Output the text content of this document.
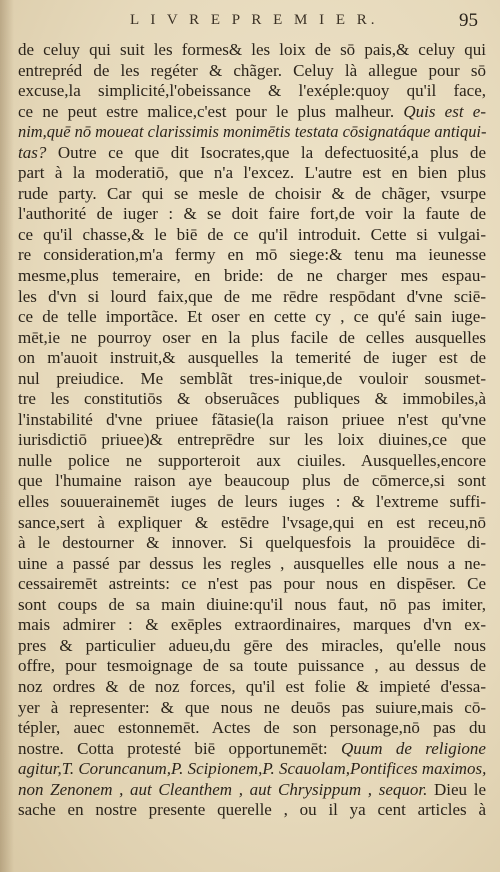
L I V R E P R E M I E R.	95
de celuy qui suit les formes& les loix de sō pais,& celuy qui
entrepréd de les regéter & chãger. Celuy là allegue pour sō
excuse,la simplicité,l'obeissance & l'exéple:quoy qu'il face,
ce ne peut estre malice,c'est pour le plus malheur. Quis est e-
nim,quē nō moueat clarissimis monimētis testata cōsignatáque antiqui-
tas? Outre ce que dit Isocrates,que la defectuosité,a plus de
part à la moderatiō, que n'a l'excez. L'autre est en bien plus
rude party. Car qui se mesle de choisir & de chãger, vsurpe
l'authorité de iuger : & se doit faire fort,de voir la faute de
ce qu'il chasse,& le biē de ce qu'il introduit. Cette si vulgai-
re consideration,m'a fermy en mō siege:& tenu ma ieunesse
mesme,plus temeraire, en bride: de ne charger mes espau-
les d'vn si lourd faix,que de me rēdre respōdant d'vne sciē-
ce de telle importãce. Et oser en cette cy , ce qu'é sain iuge-
mēt,ie ne pourroy oser en la plus facile de celles ausquelles
on m'auoit instruit,& ausquelles la temerité de iuger est de
nul preiudice. Me semblãt tres-inique,de vouloir sousmet-
tre les constitutiōs & obseruãces publiques & immobiles,à
l'instabilité d'vne priuee fãtasie(la raison priuee n'est qu'vne
iurisdictiō priuee)& entreprēdre sur les loix diuines,ce que
nulle police ne supporteroit aux ciuiles. Ausquelles,encore
que l'humaine raison aye beaucoup plus de cōmerce,si sont
elles souuerainemēt iuges de leurs iuges : & l'extreme suffi-
sance,sert à expliquer & estēdre l'vsage,qui en est receu,nō
à le destourner & innover. Si quelquesfois la prouidēce di-
uine a passé par dessus les regles , ausquelles elle nous a ne-
cessairemēt astreints: ce n'est pas pour nous en dispēser. Ce
sont coups de sa main diuine:qu'il nous faut, nō pas imiter,
mais admirer : & exēples extraordinaires, marques d'vn ex-
pres & particulier adueu,du gēre des miracles, qu'elle nous
offre, pour tesmoignage de sa toute puissance , au dessus de
noz ordres & de noz forces, qu'il est folie & impieté d'essa-
yer à representer: & que nous ne deuōs pas suiure,mais cō-
tépler, auec estonnemēt. Actes de son personage,nō pas du
nostre. Cotta protesté biē opportunemēt: Quum de religione
agitur,T. Coruncanum,P. Scipionem,P. Scauolam,Pontifices maximos,
non Zenonem , aut Cleanthem , aut Chrysippum , sequor. Dieu le
sache en nostre presente querelle , ou il ya cent articles à
